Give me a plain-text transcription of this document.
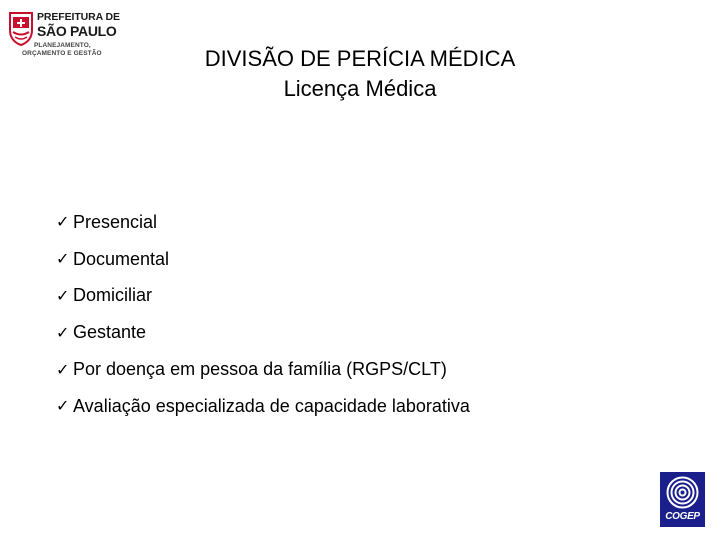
PREFEITURA DE
SÃO PAULO
PLANEJAMENTO,
ORÇAMENTO E GESTÃO	DIVISÃO DE PERÍCIA MÉDICA
Licença Médica
✓ Presencial
✓ Documental
✓ Domiciliar
✓ Gestante
✓ Por doença em pessoa da família (RGPS/CLT)
✓ Avaliação especializada de capacidade laborativa
COGEP
